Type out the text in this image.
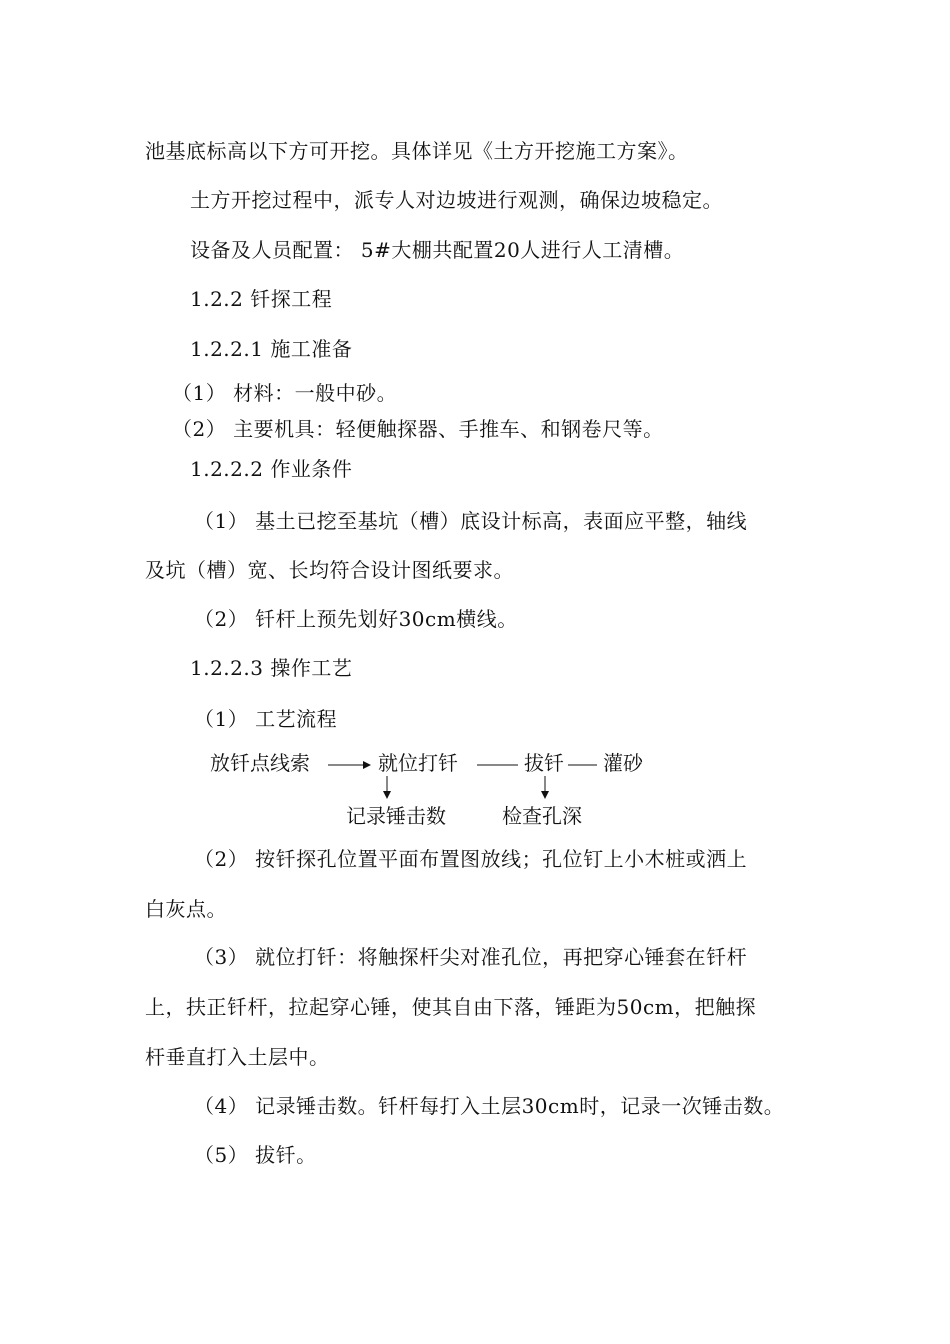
池基底标高以下方可开挖。具体详见《土方开挖施工方案》。
土方开挖过程中，派专人对边坡进行观测，确保边坡稳定。
设备及人员配置： 5#大棚共配置20人进行人工清槽。
1.2.2 钎探工程
1.2.2.1 施工准备
（1） 材料：一般中砂。
（2） 主要机具：轻便触探器、手推车、和钢卷尺等。
1.2.2.2 作业条件
（1） 基土已挖至基坑（槽）底设计标高，表面应平整，轴线
及坑（槽）宽、长均符合设计图纸要求。
（2） 钎杆上预先划好30cm横线。
1.2.2.3 操作工艺
（1） 工艺流程
放钎点线索	就位打钎	拔钎 灌砂
记录锤击数	检查孔深
（2） 按钎探孔位置平面布置图放线；孔位钉上小木桩或洒上
白灰点。
（3） 就位打钎：将触探杆尖对准孔位，再把穿心锤套在钎杆
上，扶正钎杆，拉起穿心锤，使其自由下落，锤距为50cm，把触探
杆垂直打入土层中。
（4） 记录锤击数。钎杆每打入土层30cm时，记录一次锤击数。
（5） 拔钎。
